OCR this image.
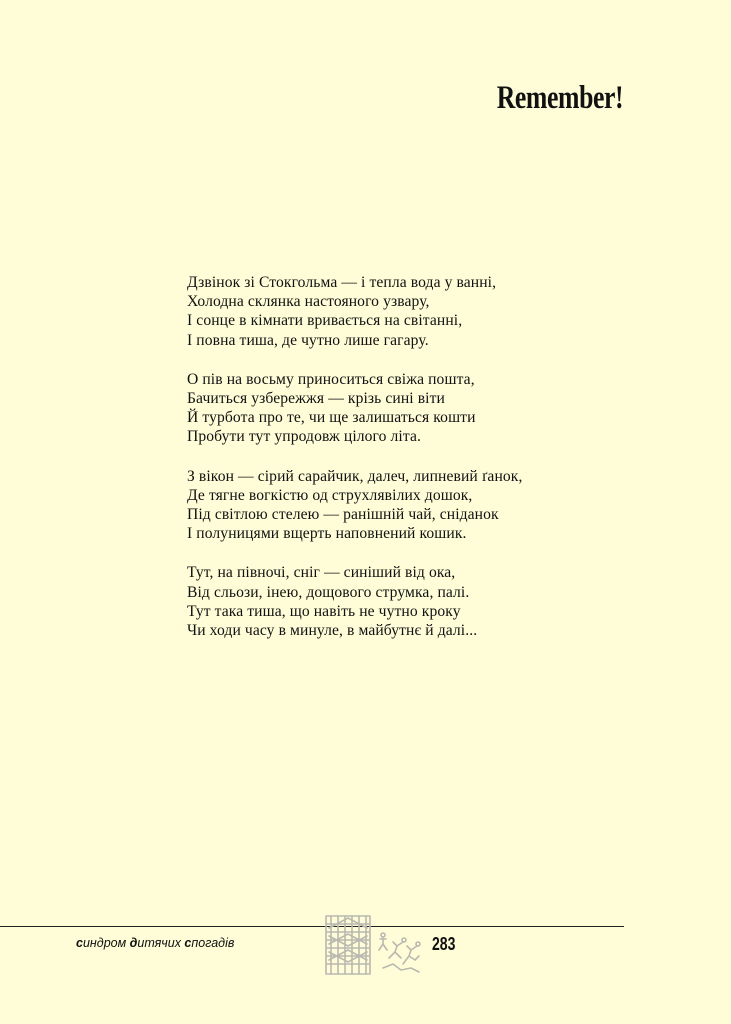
Remember!
Дзвінок зі Стокгольма — і тепла вода у ванні,
Холодна склянка настояного узвару,
І сонце в кімнати вривається на світанні,
І повна тиша, де чутно лише гагару.
О пів на восьму приноситься свіжа пошта,
Бачиться узбережжя — крізь сині віти
Й турбота про те, чи ще залишаться кошти
Пробути тут упродовж цілого літа.
З вікон — сірий сарайчик, далеч, липневий ґанок,
Де тягне вогкістю од струхлявілих дошок,
Під світлою стелею — ранішній чай, сніданок
І полуницями вщерть наповнений кошик.
Тут, на півночі, сніг — синіший від ока,
Від сльози, інею, дощового струмка, палі.
Тут така тиша, що навіть не чутно кроку
Чи ходи часу в минуле, в майбутнє й далі...
синдром дитячих спогадів	283
